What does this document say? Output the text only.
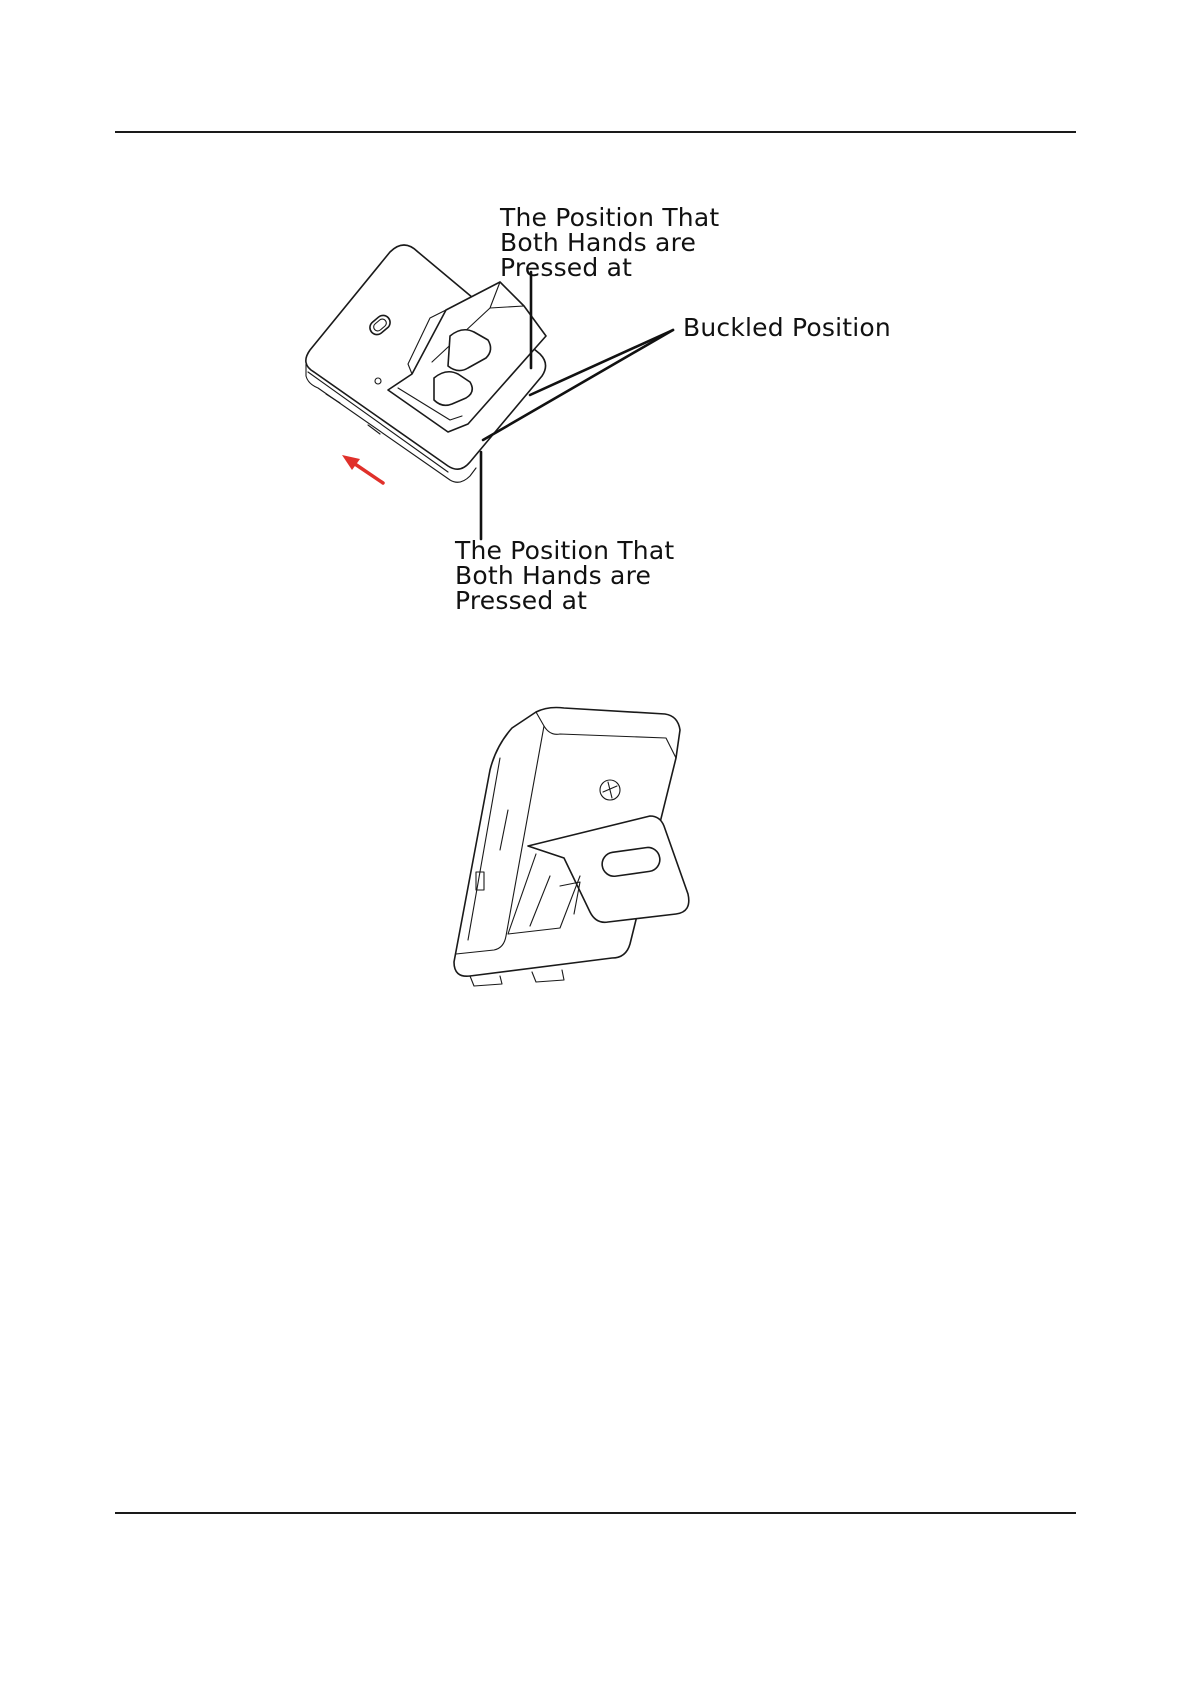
The Position That
Both Hands are
Pressed at
Buckled Position
The Position That
Both Hands are
Pressed at
